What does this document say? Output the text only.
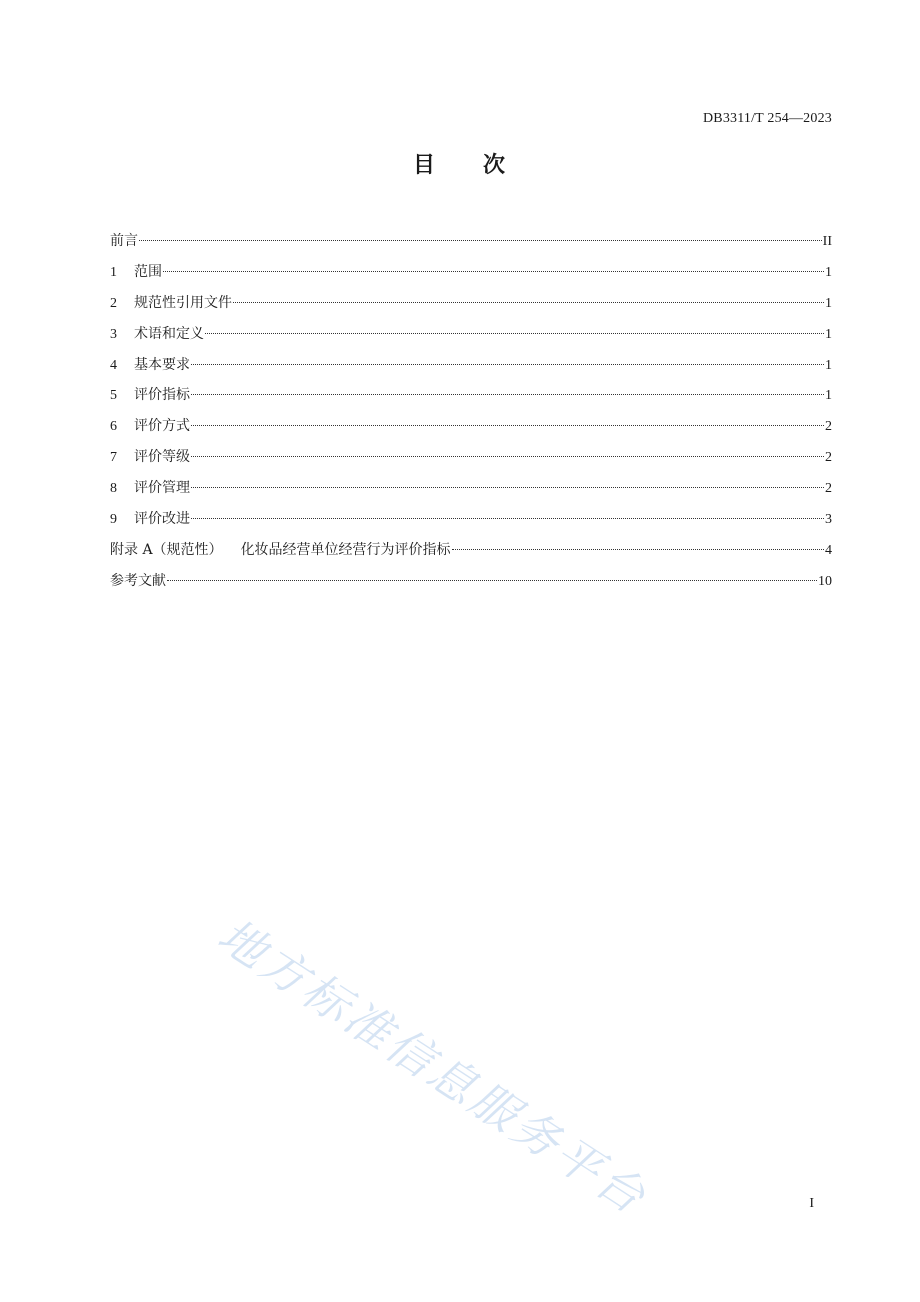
DB3311/T 254—2023
目 次
前言	II
1	范围	1
2	规范性引用文件	1
3	术语和定义	1
4	基本要求	1
5	评价指标	1
6	评价方式	2
7	评价等级	2
8	评价管理	2
9	评价改进	3
附录 A（规范性） 化妆品经营单位经营行为评价指标	4
参考文献	10
地方标准信息服务平台	I
